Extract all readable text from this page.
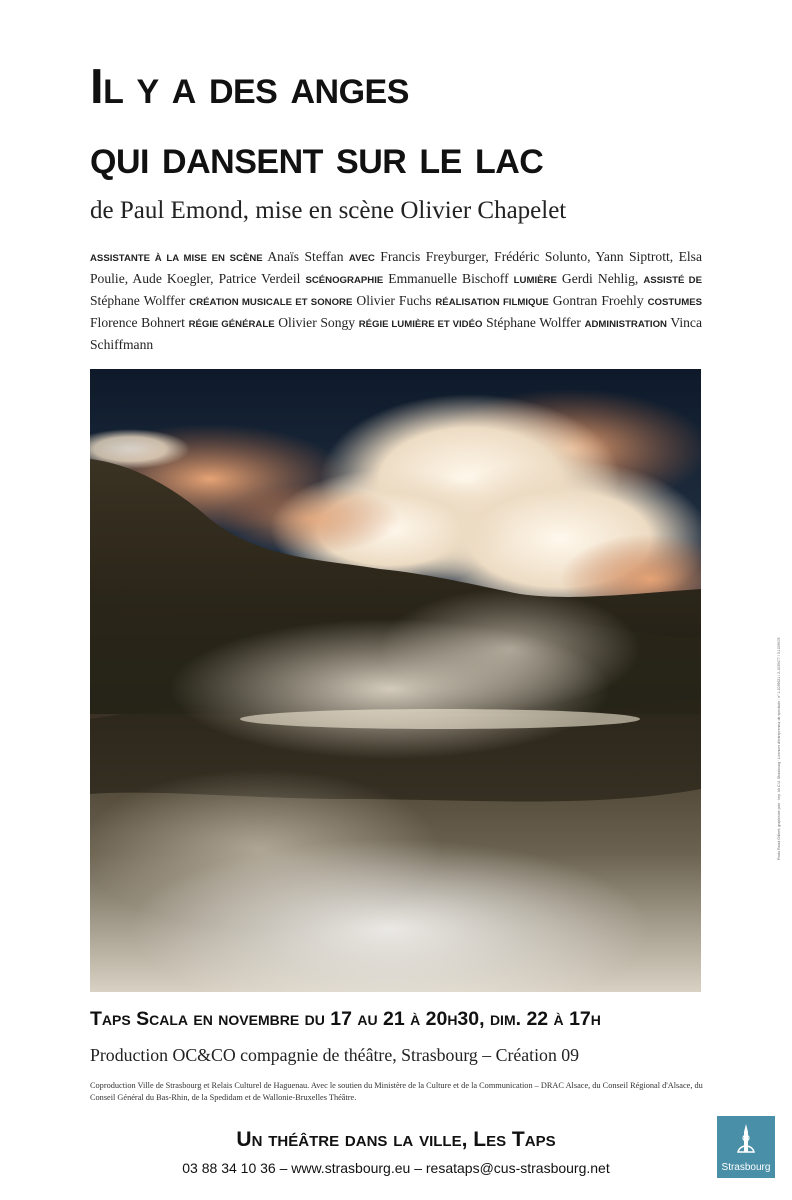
Il y a des anges
qui dansent sur le lac
de Paul Emond, mise en scène Olivier Chapelet
ASSISTANTE À LA MISE EN SCÈNE Anaïs Steffan AVEC Francis Freyburger, Frédéric Solunto, Yann Siptrott, Elsa Poulie, Aude Koegler, Patrice Verdeil SCÉNOGRAPHIE Emmanuelle Bischoff LUMIÈRE Gerdi Nehlig, ASSISTÉ DE Stéphane Wolffer CRÉATION MUSICALE ET SONORE Olivier Fuchs RÉALISATION FILMIQUE Gontran Froehly COSTUMES Florence Bohnert RÉGIE GÉNÉRALE Olivier Songy RÉGIE LUMIÈRE ET VIDÉO Stéphane Wolffer ADMINISTRATION Vinca Schiffmann
Taps Scala en novembre du 17 au 21 à 20h30, dim. 22 à 17h
Production OC&CO compagnie de théâtre, Strasbourg – Création 09
Coproduction Ville de Strasbourg et Relais Culturel de Haguenau. Avec le soutien du Ministère de la Culture et de la Communication – DRAC Alsace, du Conseil Régional d'Alsace, du Conseil Général du Bas-Rhin, de la Spedidam et de Wallonie-Bruxelles Théâtre.
Un théâtre dans la ville, Les Taps
03 88 34 10 36 – www.strasbourg.eu – resataps@cus-strasbourg.net	Strasbourg
Photo Raoul Gilibert, graphisme polo · Imp. bb C.U. Strasbourg · Licences d'entrepreneur de spectacle : n° 1-1039621 / 2-1039477 / 3-1039478
